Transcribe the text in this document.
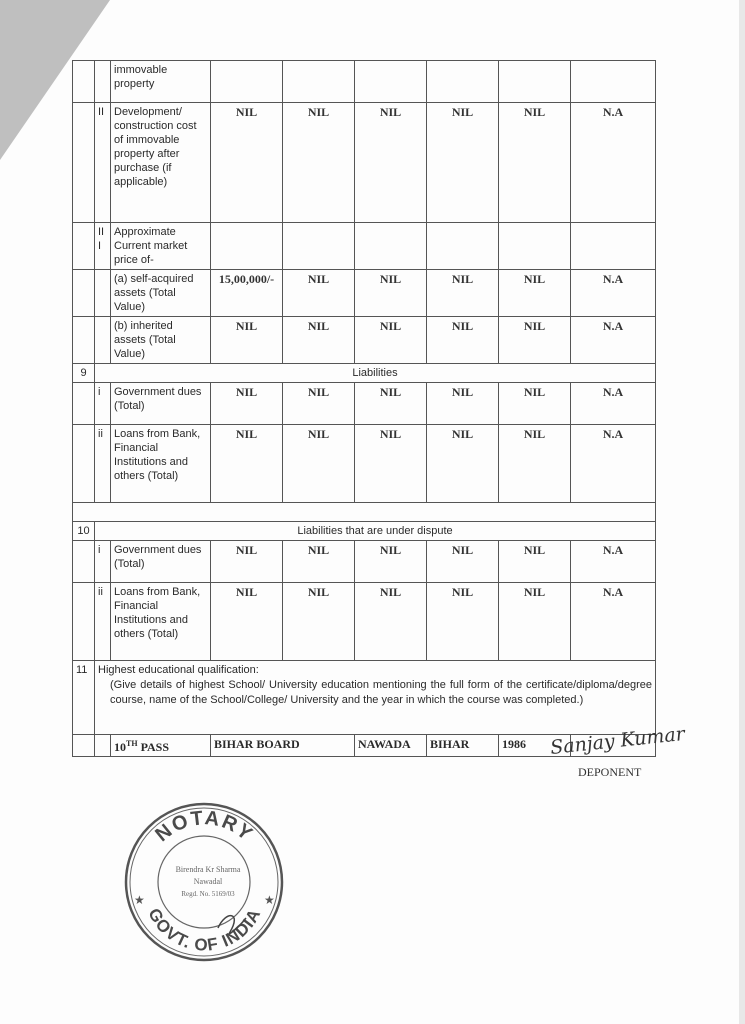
		immovable property						
	II	Development/ construction cost of immovable property after purchase (if applicable)	NIL	NIL	NIL	NIL	NIL	N.A
	II I	Approximate Current market price of-						
		(a) self-acquired assets (Total Value)	15,00,000/-	NIL	NIL	NIL	NIL	N.A
		(b) inherited assets (Total Value)	NIL	NIL	NIL	NIL	NIL	N.A
9	Liabilities							
	i	Government dues (Total)	NIL	NIL	NIL	NIL	NIL	N.A
	ii	Loans from Bank, Financial Institutions and others (Total)	NIL	NIL	NIL	NIL	NIL	N.A

10	Liabilities that are under dispute							
	i	Government dues (Total)	NIL	NIL	NIL	NIL	NIL	N.A
	ii	Loans from Bank, Financial Institutions and others (Total)	NIL	NIL	NIL	NIL	NIL	N.A
11	Highest educational qualification:
(Give details of highest School/ University education mentioning the full form of the certificate/diploma/degree course, name of the School/College/ University and the year in which the course was completed.)							

		10TH PASS	BIHAR BOARD		NAWADA	BIHAR	1986	Sanjay Kumar
DEPONENT
NOTARY
GOVT. OF INDIA
Birendra Kr Sharma
Nawadal
Regd. No. 5169/03 ★
★
